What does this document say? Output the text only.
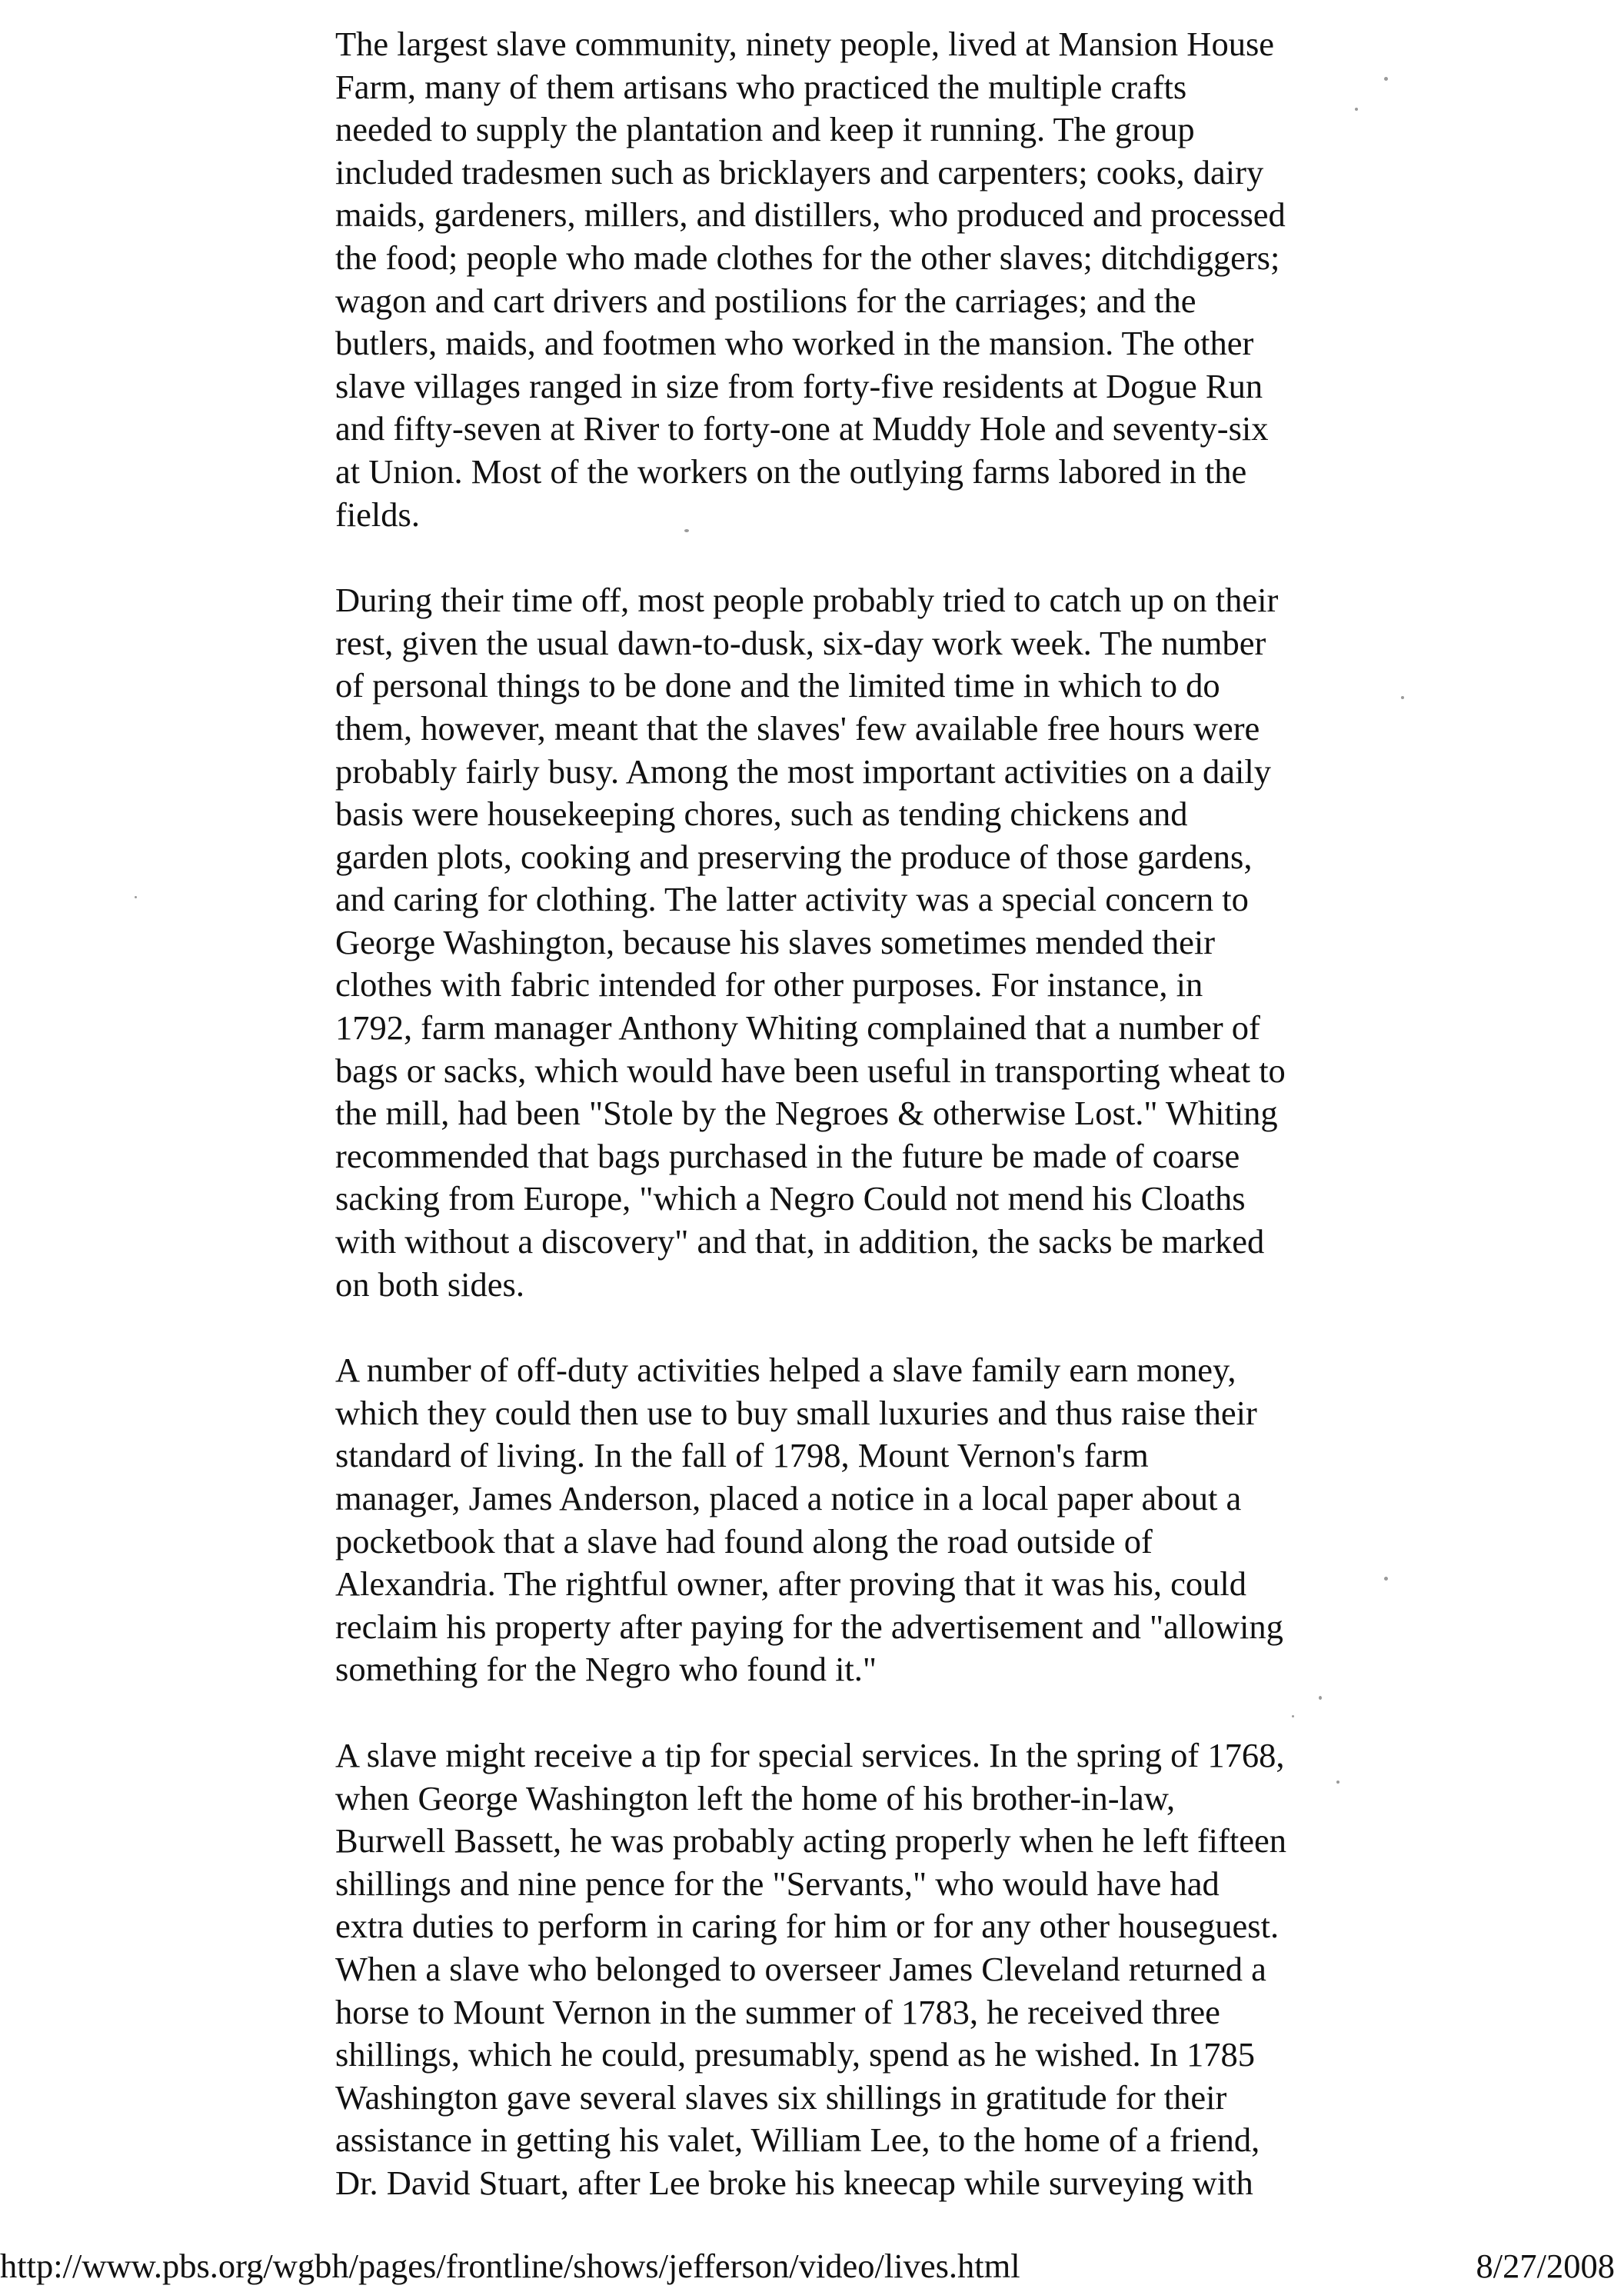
The largest slave community, ninety people, lived at Mansion House
Farm, many of them artisans who practiced the multiple crafts
needed to supply the plantation and keep it running. The group
included tradesmen such as bricklayers and carpenters; cooks, dairy
maids, gardeners, millers, and distillers, who produced and processed
the food; people who made clothes for the other slaves; ditchdiggers;
wagon and cart drivers and postilions for the carriages; and the
butlers, maids, and footmen who worked in the mansion. The other
slave villages ranged in size from forty-five residents at Dogue Run
and fifty-seven at River to forty-one at Muddy Hole and seventy-six
at Union. Most of the workers on the outlying farms labored in the
fields.

During their time off, most people probably tried to catch up on their
rest, given the usual dawn-to-dusk, six-day work week. The number
of personal things to be done and the limited time in which to do
them, however, meant that the slaves' few available free hours were
probably fairly busy. Among the most important activities on a daily
basis were housekeeping chores, such as tending chickens and
garden plots, cooking and preserving the produce of those gardens,
and caring for clothing. The latter activity was a special concern to
George Washington, because his slaves sometimes mended their
clothes with fabric intended for other purposes. For instance, in
1792, farm manager Anthony Whiting complained that a number of
bags or sacks, which would have been useful in transporting wheat to
the mill, had been "Stole by the Negroes & otherwise Lost." Whiting
recommended that bags purchased in the future be made of coarse
sacking from Europe, "which a Negro Could not mend his Cloaths
with without a discovery" and that, in addition, the sacks be marked
on both sides.

A number of off-duty activities helped a slave family earn money,
which they could then use to buy small luxuries and thus raise their
standard of living. In the fall of 1798, Mount Vernon's farm
manager, James Anderson, placed a notice in a local paper about a
pocketbook that a slave had found along the road outside of
Alexandria. The rightful owner, after proving that it was his, could
reclaim his property after paying for the advertisement and "allowing
something for the Negro who found it."

A slave might receive a tip for special services. In the spring of 1768,
when George Washington left the home of his brother-in-law,
Burwell Bassett, he was probably acting properly when he left fifteen
shillings and nine pence for the "Servants," who would have had
extra duties to perform in caring for him or for any other houseguest.
When a slave who belonged to overseer James Cleveland returned a
horse to Mount Vernon in the summer of 1783, he received three
shillings, which he could, presumably, spend as he wished. In 1785
Washington gave several slaves six shillings in gratitude for their
assistance in getting his valet, William Lee, to the home of a friend,
Dr. David Stuart, after Lee broke his kneecap while surveying with

http://www.pbs.org/wgbh/pages/frontline/shows/jefferson/video/lives.html	8/27/2008
